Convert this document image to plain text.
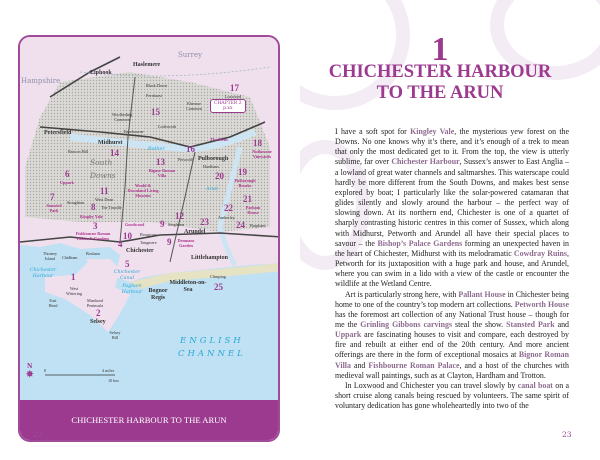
Hampshire
Surrey
Haslemere
Liphook
Petersfield
Midhurst
Pulborough
Chichester
Littlehampton
Bognor Regis
Middleton-on-Sea
Selsey
Arundel
Black Down
Fernhurst
Woolbeding Common
Easebourne
Lodsworth
Ebernoe Common
Loxwood
Petworth
Beacon Hill
Stoughton
West Dean
The Trundle
Singleton
Boxgrove
Tangmere
Thorney Island	Chidham
Bosham
West Wittering
East Head
Manhood Peninsula
Selsey Bill
Amberley
Burpham
Climping
Hardham
Rother
Arun
Chichester Harbour
Chichester Canal
Pagham Harbour
South
Downs
1
2
3
Fishbourne Roman Palace & Gardens
4
5
6
Uppark
7
Stansted Park	8
Kingley Vale
Goodwood 9
9	Denmans Garden
10
11
12
13
Bignor Roman Villa
14
15
16
17
18
Nutbourne Vineyards
19
Pulborough Brooks
20
21
Parham House
22
23	24
25
Weald & Downland Living Museum
The Mens
CHAPTER 2
p.xx
ENGLISH
CHANNEL
N
✵ 0	4 miles
10 km
CHICHESTER HARBOUR TO THE ARUN
22
1
CHICHESTER HARBOUR
TO THE ARUN

I have a soft spot for Kingley Vale, the mysterious yew forest on the Downs. No one knows why it’s there, and it’s enough of a trek to mean that only the most dedicated get to it. From the top, the view is utterly sublime, far over Chichester Harbour, Sussex’s answer to East Anglia – a lowland of great water channels and saltmarshes. This waterscape could hardly be more different from the South Downs, and makes best sense explored by boat; I particularly like the solar-powered catamaran that glides silently and slowly around the harbour – the perfect way of slowing down. At its northern end, Chichester is one of a quartet of sharply contrasting historic centres in this corner of Sussex, which along with Midhurst, Petworth and Arundel all have their special places to savour – the Bishop’s Palace Gardens forming an unexpected haven in the heart of Chichester, Midhurst with its melodramatic Cowdray Ruins, Petworth for its juxtaposition with a huge park and house, and Arundel, where you can swim in a lido with a view of the castle or encounter the wildlife at the Wetland Centre.

Art is particularly strong here, with Pallant House in Chichester being home to one of the country’s top modern art collections. Petworth House has the foremost art collection of any National Trust house – though for me the Grinling Gibbons carvings steal the show. Stansted Park and Uppark are fascinating houses to visit and compare, each destroyed by fire and rebuilt at either end of the 20th century. And more ancient offerings are there in the form of exceptional mosaics at Bignor Roman Villa and Fishbourne Roman Palace, and a host of the churches with medieval wall paintings, such as at Clayton, Hardham and Trotton.

In Loxwood and Chichester you can travel slowly by canal boat on a short cruise along canals being rescued by volunteers. The same spirit of voluntary dedication has gone wholeheartedly into two of the

23
